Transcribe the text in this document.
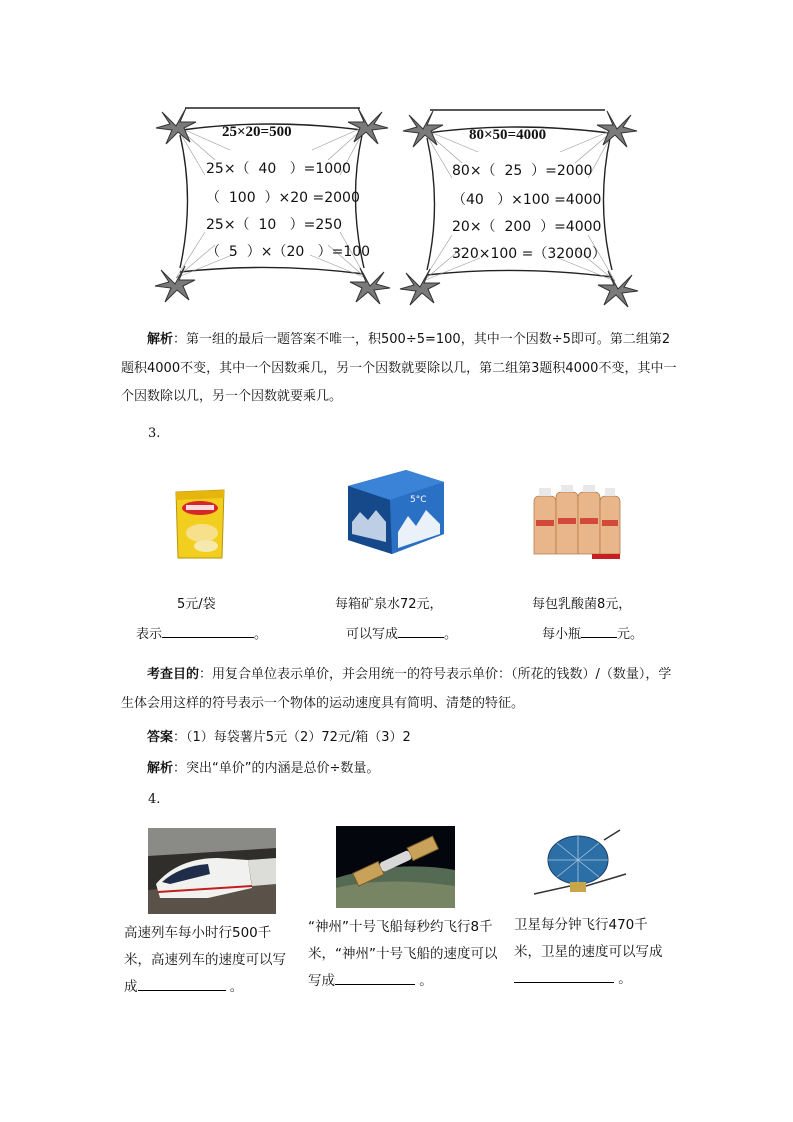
25×20=500
25×（  40   ）=1000
（  100  ）×20 =2000
25×（  10   ）=250
（  5  ）×（20   ）=100
80×50=4000
80×（  25  ）=2000
（40   ）×100 =4000
20×（  200  ）=4000
320×100 =（32000）
解析：第一组的最后一题答案不唯一，积500÷5=100，其中一个因数÷5即可。第二组第2题积4000不变，其中一个因数乘几，另一个因数就要除以几，第二组第3题积4000不变，其中一个因数除以几，另一个因数就要乘几。
3.
5°C
5元/袋
表示	。
每箱矿泉水72元，
可以写成	。
每包乳酸菌8元，
每小瓶	元。
考查目的：用复合单位表示单价，并会用统一的符号表示单价：（所花的钱数）/（数量），学生体会用这样的符号表示一个物体的运动速度具有简明、清楚的特征。
答案：（1）每袋薯片5元（2）72元/箱（3）2
解析：突出“单价”的内涵是总价÷数量。
4.
高速列车每小时行500千米，高速列车的速度可以写成	。
“神州”十号飞船每秒约飞行8千米，“神州”十号飞船的速度可以写成	。
卫星每分钟飞行470千米，卫星的速度可以写成 。
